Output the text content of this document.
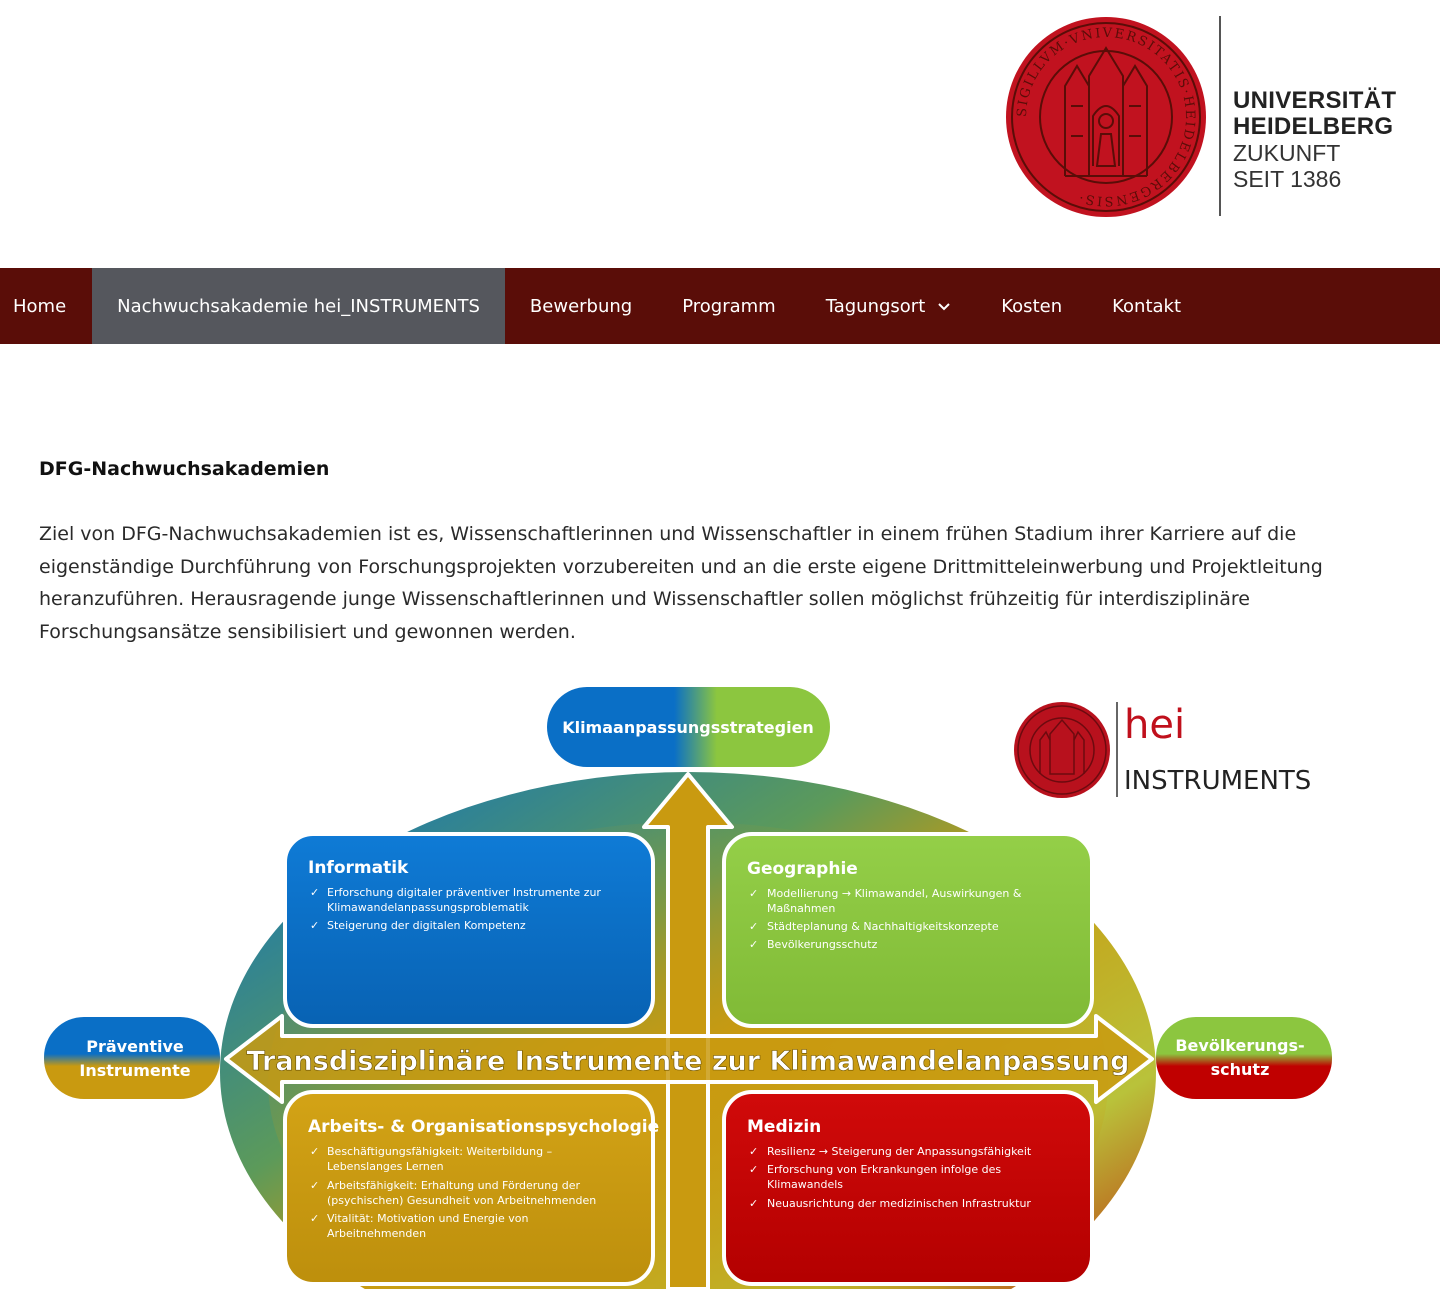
SIGILLVM·VNIVERSITATIS·HEIDELBERGENSIS·
UNIVERSITÄT
HEIDELBERG
ZUKUNFT
SEIT 1386
Home	Nachwuchsakademie hei_INSTRUMENTS	Bewerbung	Programm	Tagungsort	Kosten	Kontakt
DFG-Nachwuchsakademien

Ziel von DFG-Nachwuchsakademien ist es, Wissenschaftlerinnen und Wissenschaftler in einem frühen Stadium ihrer Karriere auf die eigenständige Durchführung von Forschungsprojekten vorzubereiten und an die erste eigene Drittmitteleinwerbung und Projektleitung heranzuführen. Herausragende junge Wissenschaftlerinnen und Wissenschaftler sollen möglichst frühzeitig für interdisziplinäre Forschungsansätze sensibilisiert und gewonnen werden.

Transdisziplinäre Instrumente zur Klimawandelanpassung
Klimaanpassungsstrategien
Präventive
Instrumente
Bevölkerungs-
schutz
hei
INSTRUMENTS
Informatik
✓ Erforschung digitaler präventiver Instrumente zur
Klimawandelanpassungsproblematik
✓ Steigerung der digitalen Kompetenz
Geographie
✓ Modellierung → Klimawandel, Auswirkungen &
Maßnahmen
✓ Städteplanung & Nachhaltigkeitskonzepte
✓ Bevölkerungsschutz
Arbeits- & Organisationspsychologie
✓ Beschäftigungsfähigkeit: Weiterbildung –
Lebenslanges Lernen
✓ Arbeitsfähigkeit: Erhaltung und Förderung der
(psychischen) Gesundheit von Arbeitnehmenden
✓ Vitalität: Motivation und Energie von
Arbeitnehmenden
Medizin
✓ Resilienz → Steigerung der Anpassungsfähigkeit
✓ Erforschung von Erkrankungen infolge des
Klimawandels
✓ Neuausrichtung der medizinischen Infrastruktur
